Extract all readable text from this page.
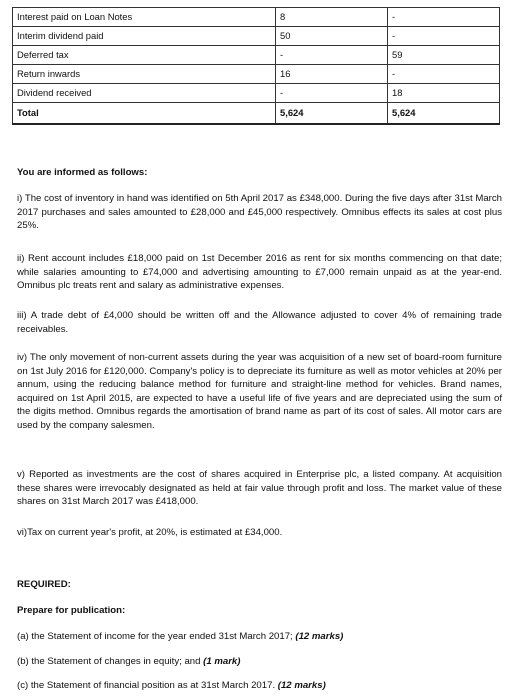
Interest paid on Loan Notes	8	-
Interim dividend paid	50	-
Deferred tax	-	59
Return inwards	16	-
Dividend received	-	18
Total	5,624	5,624

You are informed as follows:

i) The cost of inventory in hand was identified on 5th April 2017 as £348,000. During the five days after 31st March 2017 purchases and sales amounted to £28,000 and £45,000 respectively. Omnibus effects its sales at cost plus 25%.

ii) Rent account includes £18,000 paid on 1st December 2016 as rent for six months commencing on that date; while salaries amounting to £74,000 and advertising amounting to £7,000 remain unpaid as at the year-end. Omnibus plc treats rent and salary as administrative expenses.

iii) A trade debt of £4,000 should be written off and the Allowance adjusted to cover 4% of remaining trade receivables.

iv) The only movement of non-current assets during the year was acquisition of a new set of board-room furniture on 1st July 2016 for £120,000. Company's policy is to depreciate its furniture as well as motor vehicles at 20% per annum, using the reducing balance method for furniture and straight-line method for vehicles. Brand names, acquired on 1st April 2015, are expected to have a useful life of five years and are depreciated using the sum of the digits method. Omnibus regards the amortisation of brand name as part of its cost of sales. All motor cars are used by the company salesmen.

v) Reported as investments are the cost of shares acquired in Enterprise plc, a listed company. At acquisition these shares were irrevocably designated as held at fair value through profit and loss. The market value of these shares on 31st March 2017 was £418,000.

vi)Tax on current year's profit, at 20%, is estimated at £34,000.

REQUIRED:

Prepare for publication:

(a) the Statement of income for the year ended 31st March 2017; (12 marks)

(b) the Statement of changes in equity; and (1 mark)

(c) the Statement of financial position as at 31st March 2017. (12 marks)
